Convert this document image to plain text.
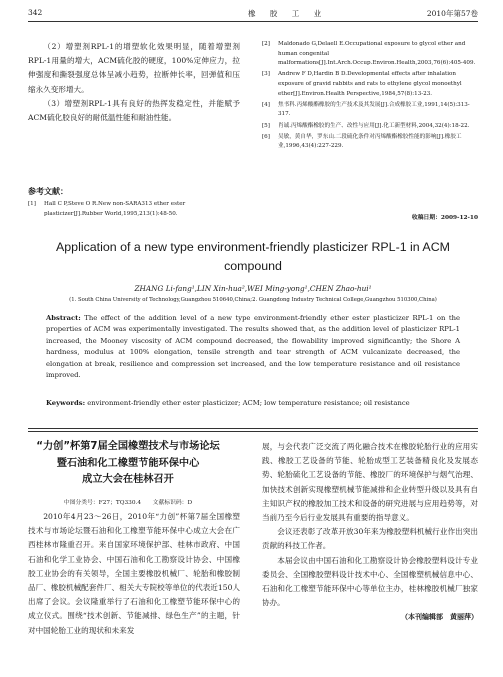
342	橡 胶 工 业	2010年第57卷

（2）增塑剂RPL-1的增塑软化效果明显，随着增塑剂RPL-1用量的增大，ACM硫化胶的硬度，100%定伸应力，拉伸强度和撕裂强度总体呈减小趋势，拉断伸长率，回弹值和压缩永久变形增大。

（3）增塑剂RPL-1具有良好的热挥发稳定性，并能赋予ACM硫化胶良好的耐低温性能和耐油性能。

参考文献：
[1]	Hall C P,Steve O R.New non-SARA313 ether ester plasticizer[J].Rubber World,1995,213(1):48-50.
[2]	Maldonado G,Delaell E.Occupational exposure to glycol ether and human congenital malformations[J].Int.Arch.Occup.Environ.Health,2003,76(6):405-409.
[3]	Andrew F D,Hardin B D.Developmental effects after inhalation exposure of gravid rabbits and rats to ethylene glycol monoethyl ether[J].Environ.Health Perspective,1984,57(8):13-23.
[4]	焦书科.丙烯酸酯橡胶的生产技术及其发展[J].合成橡胶工业,1991,14(5):313-317.
[5]	肖诚.丙烯酸酯橡胶的生产、改性与应用[J].化工新型材料,2004,32(4):18-22.
[6]	吴敏，黄自华，罗东山.二段硫化条件对丙烯酸酯橡胶性能的影响[J].橡胶工业,1996,43(4):227-229.
收稿日期：2009-12-10
Application of a new type environment-friendly plasticizer RPL-1 in ACM compound
ZHANG Li-fang¹,LIN Xin-hua²,WEI Ming-yong¹,CHEN Zhao-hui¹
(1. South China University of Technology,Guangzhou 510640,China;2. Guangdong Industry Technical College,Guangzhou 510300,China)
Abstract: The effect of the addition level of a new type environment-friendly ether ester plasticizer RPL-1 on the properties of ACM was experimentally investigated. The results showed that, as the addition level of plasticizer RPL-1 increased, the Mooney viscosity of ACM compound decreased, the flowability improved significantly; the Shore A hardness, modulus at 100% elongation, tensile strength and tear strength of ACM vulcanizate decreased, the elongation at break, resilience and compression set increased, and the low temperature resistance and oil resistance improved.
Keywords: environment-friendly ether ester plasticizer; ACM; low temperature resistance; oil resistance
“力创”杯第7届全国橡塑技术与市场论坛
暨石油和化工橡塑节能环保中心
成立大会在桂林召开
中图分类号：F27；TQ330.4　　文献标识码：D

2010年4月23～26日，2010年“力创”杯第7届全国橡塑技术与市场论坛暨石油和化工橡塑节能环保中心成立大会在广西桂林市隆重召开。来自国家环境保护部、桂林市政府、中国石油和化学工业协会、中国石油和化工勘察设计协会、中国橡胶工业协会的有关领导，全国主要橡胶机械厂、轮胎和橡胶制品厂、橡胶机械配套件厂、相关大专院校等单位的代表近150人出席了会议。会议隆重举行了石油和化工橡塑节能环保中心的成立仪式。围绕“技术创新、节能减排、绿色生产”的主题，针对中国轮胎工业的现状和未来发

展，与会代表广泛交流了两化融合技术在橡胶轮胎行业的应用实践、橡胶工艺设备的节能、轮胎成型工艺装备精良化及发展态势、轮胎硫化工艺设备的节能、橡胶厂的环境保护与烟气治理、加快技术创新实现橡塑机械节能减排和企业转型升级以及具有自主知识产权的橡胶加工技术和设备的研究进展与应用趋势等，对当前乃至今后行业发展具有重要的指导意义。

会议还表彰了改革开放30年来为橡胶塑料机械行业作出突出贡献的科技工作者。

本届会议由中国石油和化工勘察设计协会橡胶塑料设计专业委员会、全国橡胶塑料设计技术中心、全国橡塑机械信息中心、石油和化工橡塑节能环保中心等单位主办，桂林橡胶机械厂独家协办。

（本刊编辑部　黄丽萍）
